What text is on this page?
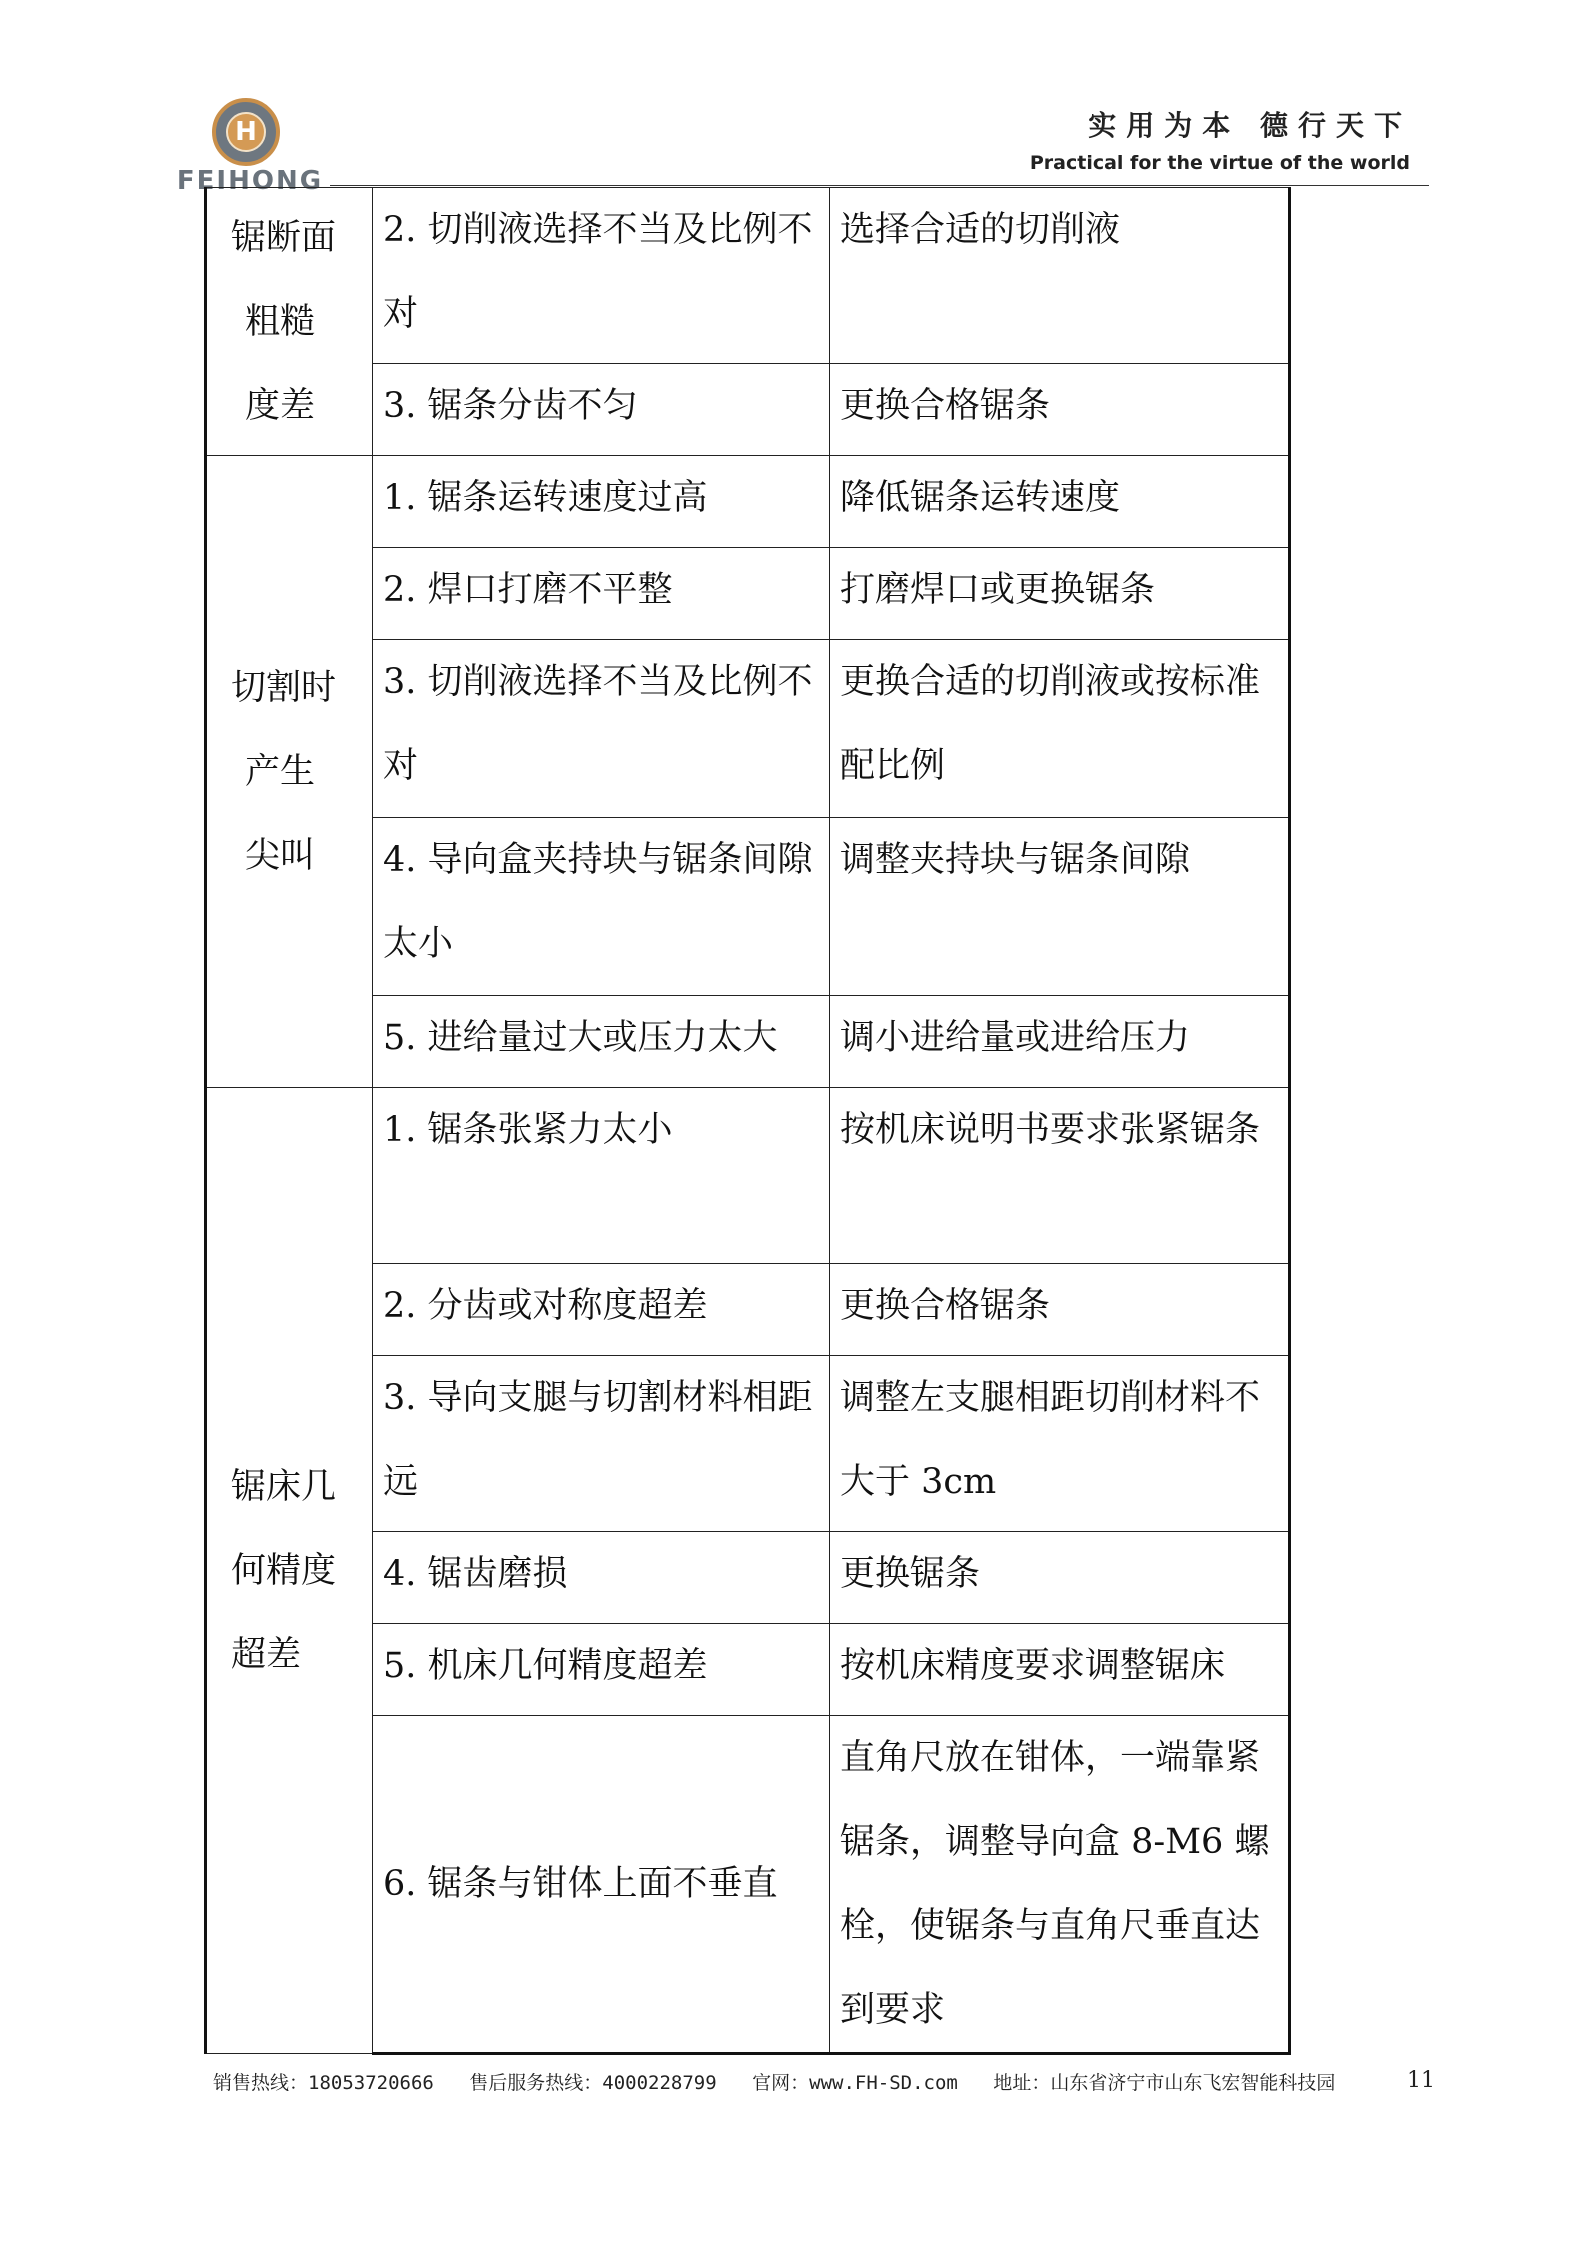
H
FEIHONG
实用为本 德行天下
Practical for the virtue of the world
锯断面
粗糙
度差	2. 切削液选择不当及比例不对	选择合适的切削液
	3. 锯条分齿不匀	更换合格锯条

切割时
产生
尖叫	1. 锯条运转速度过高	降低锯条运转速度
	2. 焊口打磨不平整	打磨焊口或更换锯条
	3. 切削液选择不当及比例不对	更换合适的切削液或按标准配比例
	4. 导向盒夹持块与锯条间隙太小	调整夹持块与锯条间隙
	5. 进给量过大或压力太大	调小进给量或进给压力

锯床几
何精度
超差	1. 锯条张紧力太小	按机床说明书要求张紧锯条
	2. 分齿或对称度超差	更换合格锯条
	3. 导向支腿与切割材料相距远	调整左支腿相距切削材料不大于 3cm
	4. 锯齿磨损	更换锯条
	5. 机床几何精度超差	按机床精度要求调整锯床
	6. 锯条与钳体上面不垂直	直角尺放在钳体，一端靠紧锯条，调整导向盒 8-M6 螺栓，使锯条与直角尺垂直达到要求
销售热线：18053720666 售后服务热线：4000228799 官网：www.FH-SD.com 地址：山东省济宁市山东飞宏智能科技园	11
